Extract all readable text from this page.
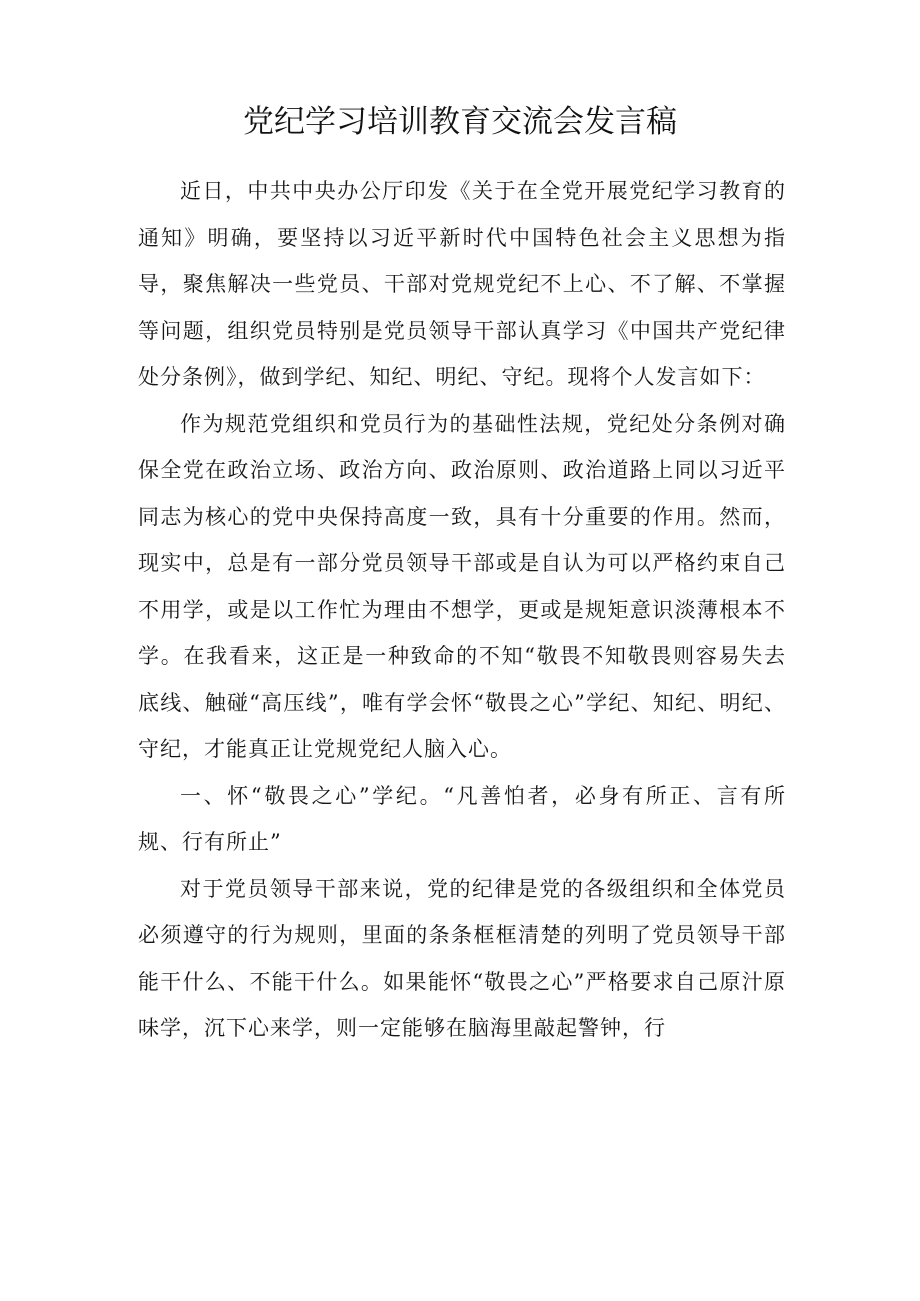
党纪学习培训教育交流会发言稿

近日，中共中央办公厅印发《关于在全党开展党纪学习教育的通知》明确，要坚持以习近平新时代中国特色社会主义思想为指导，聚焦解决一些党员、干部对党规党纪不上心、不了解、不掌握等问题，组织党员特别是党员领导干部认真学习《中国共产党纪律处分条例》，做到学纪、知纪、明纪、守纪。现将个人发言如下：

作为规范党组织和党员行为的基础性法规，党纪处分条例对确保全党在政治立场、政治方向、政治原则、政治道路上同以习近平同志为核心的党中央保持高度一致，具有十分重要的作用。然而，现实中，总是有一部分党员领导干部或是自认为可以严格约束自己不用学，或是以工作忙为理由不想学，更或是规矩意识淡薄根本不学。在我看来，这正是一种致命的不知“敬畏不知敬畏则容易失去底线、触碰“高压线”，唯有学会怀“敬畏之心”学纪、知纪、明纪、守纪，才能真正让党规党纪人脑入心。

一、怀“敬畏之心”学纪。“凡善怕者，必身有所正、言有所规、行有所止”

对于党员领导干部来说，党的纪律是党的各级组织和全体党员必须遵守的行为规则，里面的条条框框清楚的列明了党员领导干部能干什么、不能干什么。如果能怀“敬畏之心”严格要求自己原汁原味学，沉下心来学，则一定能够在脑海里敲起警钟，行
